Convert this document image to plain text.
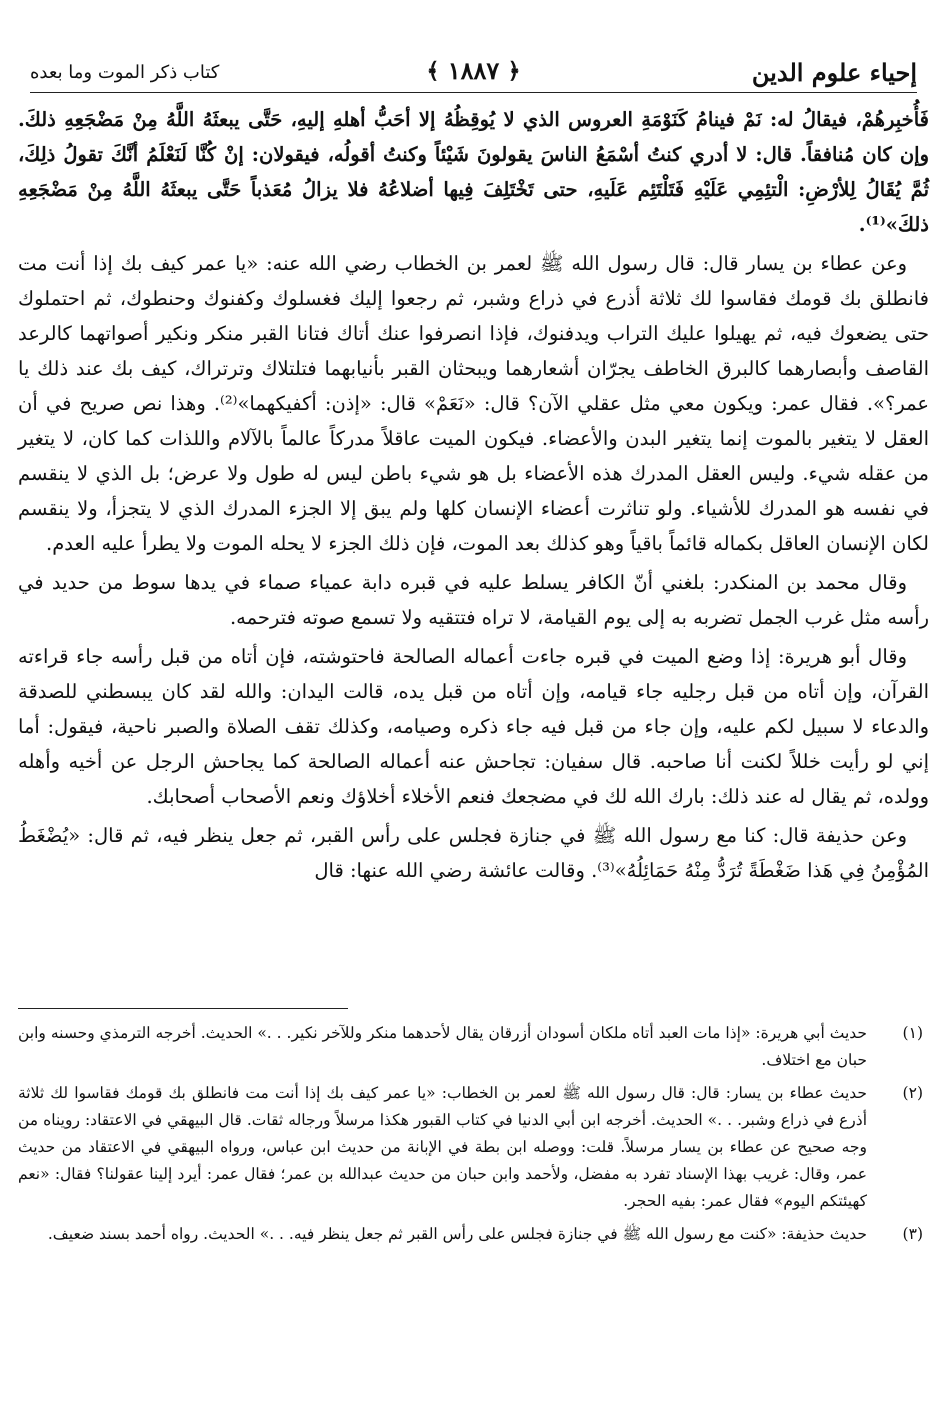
إحياء علوم الدين
﴿ ١٨٨٧ ﴾
كتاب ذكر الموت وما بعده

فَأُخبِرهُمْ، فيقالُ له: نَمْ فينامُ كَنَوْمَةِ العروس الذي لا يُوقِظُهُ إلا أحَبُّ أهلهِ إليهِ، حَتَّى يبعثَهُ اللَّهُ مِنْ مَضْجَعِهِ ذلكَ. وإن كان مُنافقاً. قال: لا أدري كنتُ أسْمَعُ الناسَ يقولونَ شَيْئاً وكنتُ أقولُه، فيقولان: إنْ كُنَّا لَنَعْلَمُ أنَّكَ تقولُ ذلِكَ، ثُمَّ يُقَالُ لِلأرْضِ: الْتئِمِي عَلَيْهِ فَتَلْتَئِم عَلَيهِ، حتى تَخْتَلِفَ فِيها أضلاعُهُ فلا يزالُ مُعَذباً حَتَّى يبعثَهُ اللَّهُ مِنْ مَضْجَعِهِ ذلكَ»⁽¹⁾.

وعن عطاء بن يسار قال: قال رسول الله ﷺ لعمر بن الخطاب رضي الله عنه: «يا عمر كيف بك إذا أنت مت فانطلق بك قومك فقاسوا لك ثلاثة أذرع في ذراع وشبر، ثم رجعوا إليك فغسلوك وكفنوك وحنطوك، ثم احتملوك حتى يضعوك فيه، ثم يهيلوا عليك التراب ويدفنوك، فإذا انصرفوا عنك أتاك فتانا القبر منكر ونكير أصواتهما كالرعد القاصف وأبصارهما كالبرق الخاطف يجرّان أشعارهما ويبحثان القبر بأنيابهما فتلتلاك وترتراك، كيف بك عند ذلك يا عمر؟». فقال عمر: ويكون معي مثل عقلي الآن؟ قال: «نَعَمْ» قال: «إذن: أكفيكهما»⁽²⁾. وهذا نص صريح في أن العقل لا يتغير بالموت إنما يتغير البدن والأعضاء. فيكون الميت عاقلاً مدركاً عالماً بالآلام واللذات كما كان، لا يتغير من عقله شيء. وليس العقل المدرك هذه الأعضاء بل هو شيء باطن ليس له طول ولا عرض؛ بل الذي لا ينقسم في نفسه هو المدرك للأشياء. ولو تناثرت أعضاء الإنسان كلها ولم يبق إلا الجزء المدرك الذي لا يتجزأ، ولا ينقسم لكان الإنسان العاقل بكماله قائماً باقياً وهو كذلك بعد الموت، فإن ذلك الجزء لا يحله الموت ولا يطرأ عليه العدم.

وقال محمد بن المنكدر: بلغني أنّ الكافر يسلط عليه في قبره دابة عمياء صماء في يدها سوط من حديد في رأسه مثل غرب الجمل تضربه به إلى يوم القيامة، لا تراه فتتقيه ولا تسمع صوته فترحمه.

وقال أبو هريرة: إذا وضع الميت في قبره جاءت أعماله الصالحة فاحتوشته، فإن أتاه من قبل رأسه جاء قراءته القرآن، وإن أتاه من قبل رجليه جاء قيامه، وإن أتاه من قبل يده، قالت اليدان: والله لقد كان يبسطني للصدقة والدعاء لا سبيل لكم عليه، وإن جاء من قبل فيه جاء ذكره وصيامه، وكذلك تقف الصلاة والصبر ناحية، فيقول: أما إني لو رأيت خللاً لكنت أنا صاحبه. قال سفيان: تجاحش عنه أعماله الصالحة كما يجاحش الرجل عن أخيه وأهله وولده، ثم يقال له عند ذلك: بارك الله لك في مضجعك فنعم الأخلاء أخلاؤك ونعم الأصحاب أصحابك.

وعن حذيفة قال: كنا مع رسول الله ﷺ في جنازة فجلس على رأس القبر، ثم جعل ينظر فيه، ثم قال: «يُضْغَطُ المُؤْمِنُ فِي هَذا ضَغْطَةً تُرَدُّ مِنْهُ حَمَائِلُهُ»⁽³⁾. وقالت عائشة رضي الله عنها: قال

(١)
حديث أبي هريرة: «إذا مات العبد أتاه ملكان أسودان أزرقان يقال لأحدهما منكر وللآخر نكير. . .» الحديث. أخرجه الترمذي وحسنه وابن حبان مع اختلاف.
(٢)
حديث عطاء بن يسار: قال: قال رسول الله ﷺ لعمر بن الخطاب: «يا عمر كيف بك إذا أنت مت فانطلق بك قومك فقاسوا لك ثلاثة أذرع في ذراع وشبر. . .» الحديث. أخرجه ابن أبي الدنيا في كتاب القبور هكذا مرسلاً ورجاله ثقات. قال البيهقي في الاعتقاد: رويناه من وجه صحيح عن عطاء بن يسار مرسلاً. قلت: ووصله ابن بطة في الإبانة من حديث ابن عباس، ورواه البيهقي في الاعتقاد من حديث عمر، وقال: غريب بهذا الإسناد تفرد به مفضل، ولأحمد وابن حبان من حديث عبدالله بن عمر؛ فقال عمر: أيرد إلينا عقولنا؟ فقال: «نعم كهيئتكم اليوم» فقال عمر: بفيه الحجر.
(٣)
حديث حذيفة: «كنت مع رسول الله ﷺ في جنازة فجلس على رأس القبر ثم جعل ينظر فيه. . .» الحديث. رواه أحمد بسند ضعيف.
